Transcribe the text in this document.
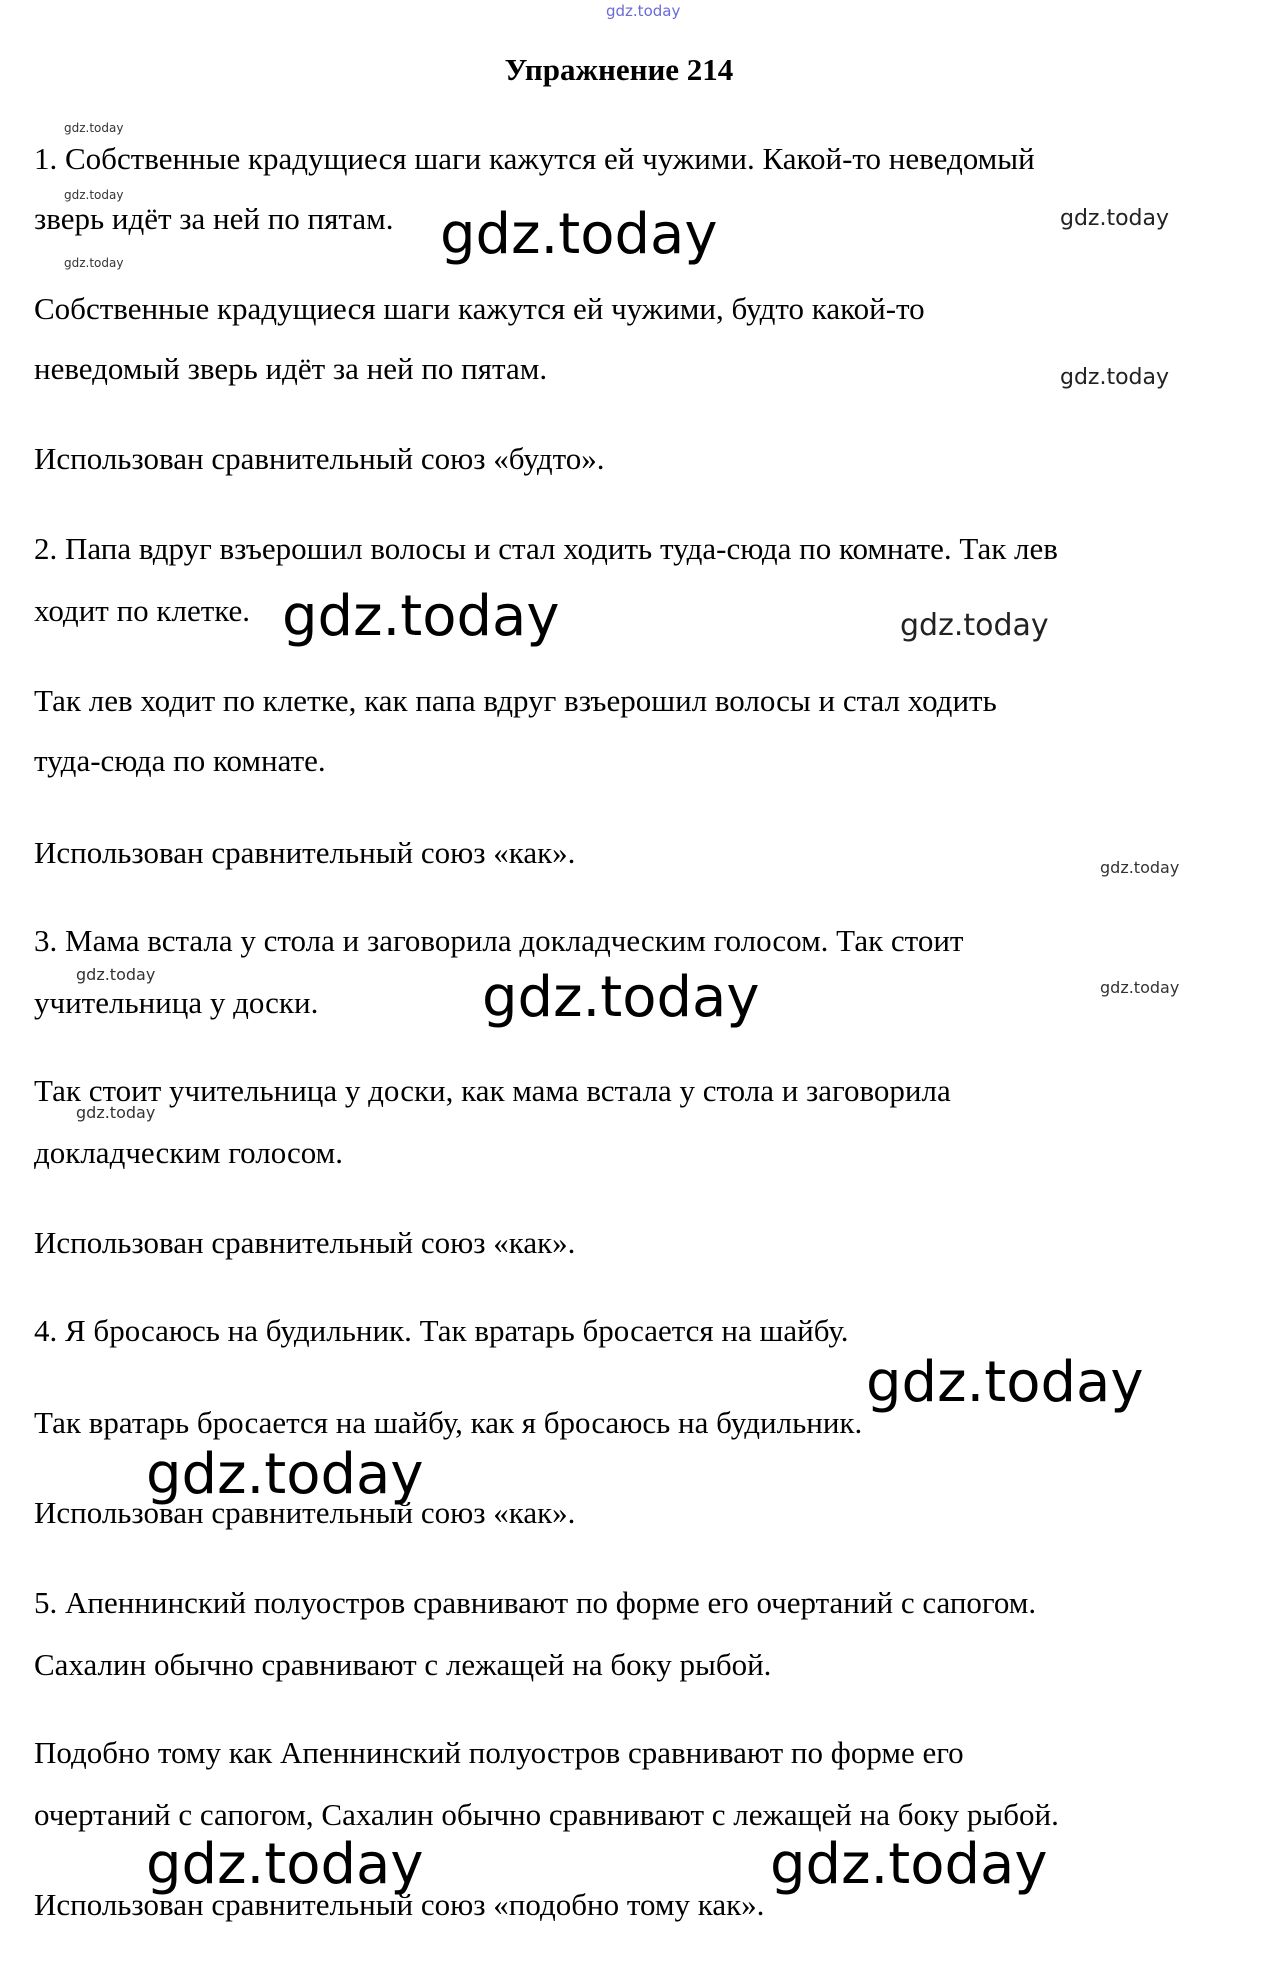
gdz.today
Упражнение 214
1. Собственные крадущиеся шаги кажутся ей чужими. Какой-то неведомый
зверь идёт за ней по пятам.
Собственные крадущиеся шаги кажутся ей чужими, будто какой-то
неведомый зверь идёт за ней по пятам.
Использован сравнительный союз «будто».
2. Папа вдруг взъерошил волосы и стал ходить туда-сюда по комнате. Так лев
ходит по клетке.
Так лев ходит по клетке, как папа вдруг взъерошил волосы и стал ходить
туда-сюда по комнате.
Использован сравнительный союз «как».
3. Мама встала у стола и заговорила докладческим голосом. Так стоит
учительница у доски.
Так стоит учительница у доски, как мама встала у стола и заговорила
докладческим голосом.
Использован сравнительный союз «как».
4. Я бросаюсь на будильник. Так вратарь бросается на шайбу.
Так вратарь бросается на шайбу, как я бросаюсь на будильник.
Использован сравнительный союз «как».
5. Апеннинский полуостров сравнивают по форме его очертаний с сапогом.
Сахалин обычно сравнивают с лежащей на боку рыбой.
Подобно тому как Апеннинский полуостров сравнивают по форме его
очертаний с сапогом, Сахалин обычно сравнивают с лежащей на боку рыбой.
Использован сравнительный союз «подобно тому как».
gdz.today
gdz.today
gdz.today
gdz.today
gdz.today
gdz.today	gdz.today
gdz.today
gdz.today
gdz.today
gdz.today
gdz.today
gdz.today
gdz.today
gdz.today
gdz.today
gdz.today
